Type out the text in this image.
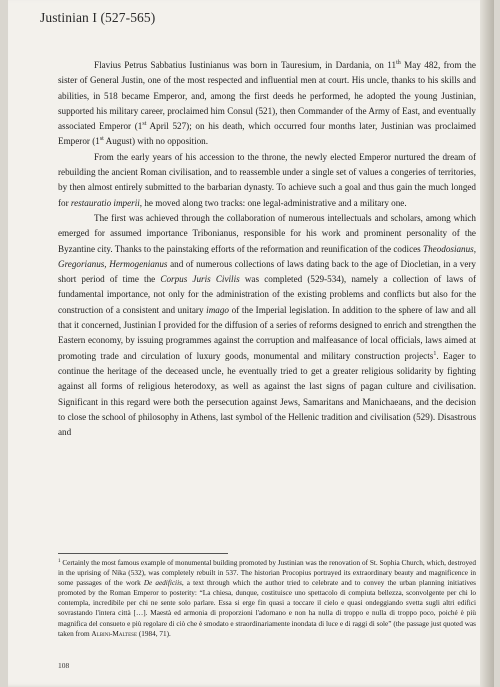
Justinian I (527-565)

Flavius Petrus Sabbatius Iustinianus was born in Tauresium, in Dardania, on 11th May 482, from the sister of General Justin, one of the most respected and influential men at court. His uncle, thanks to his skills and abilities, in 518 became Emperor, and, among the first deeds he performed, he adopted the young Justinian, supported his military career, proclaimed him Consul (521), then Commander of the Army of East, and eventually associated Emperor (1st April 527); on his death, which occurred four months later, Justinian was proclaimed Emperor (1st August) with no opposition.

From the early years of his accession to the throne, the newly elected Emperor nurtured the dream of rebuilding the ancient Roman civilisation, and to reassemble under a single set of values a congeries of territories, by then almost entirely submitted to the barbarian dynasty. To achieve such a goal and thus gain the much longed for restauratio imperii, he moved along two tracks: one legal-administrative and a military one.

The first was achieved through the collaboration of numerous intellectuals and scholars, among which emerged for assumed importance Tribonianus, responsible for his work and prominent personality of the Byzantine city. Thanks to the painstaking efforts of the reformation and reunification of the codices Theodosianus, Gregorianus, Hermogenianus and of numerous collections of laws dating back to the age of Diocletian, in a very short period of time the Corpus Juris Civilis was completed (529-534), namely a collection of laws of fundamental importance, not only for the administration of the existing problems and conflicts but also for the construction of a consistent and unitary imago of the Imperial legislation. In addition to the sphere of law and all that it concerned, Justinian I provided for the diffusion of a series of reforms designed to enrich and strengthen the Eastern economy, by issuing programmes against the corruption and malfeasance of local officials, laws aimed at promoting trade and circulation of luxury goods, monumental and military construction projects$^1$. Eager to continue the heritage of the deceased uncle, he eventually tried to get a greater religious solidarity by fighting against all forms of religious heterodoxy, as well as against the last signs of pagan culture and civilisation. Significant in this regard were both the persecution against Jews, Samaritans and Manichaeans, and the decision to close the school of philosophy in Athens, last symbol of the Hellenic tradition and civilisation (529). Disastrous and

$^1$ Certainly the most famous example of monumental building promoted by Justinian was the renovation of St. Sophia Church, which, destroyed in the uprising of Nika (532), was completely rebuilt in 537. The historian Procopius portrayed its extraordinary beauty and magnificence in some passages of the work De aedificiis, a text through which the author tried to celebrate and to convey the urban planning initiatives promoted by the Roman Emperor to posterity: “La chiesa, dunque, costituisce uno spettacolo di compiuta bellezza, sconvolgente per chi lo contempla, incredibile per chi ne sente solo parlare. Essa si erge fin quasi a toccare il cielo e quasi ondeggiando svetta sugli altri edifici sovrastando l'intera città […]. Maestà ed armonia di proporzioni l'adornano e non ha nulla di troppo e nulla di troppo poco, poiché è più magnifica del consueto e più regolare di ciò che è smodato e straordinariamente inondata di luce e di raggi di sole” (the passage just quoted was taken from Albini-Maltese (1984, 71).
108
